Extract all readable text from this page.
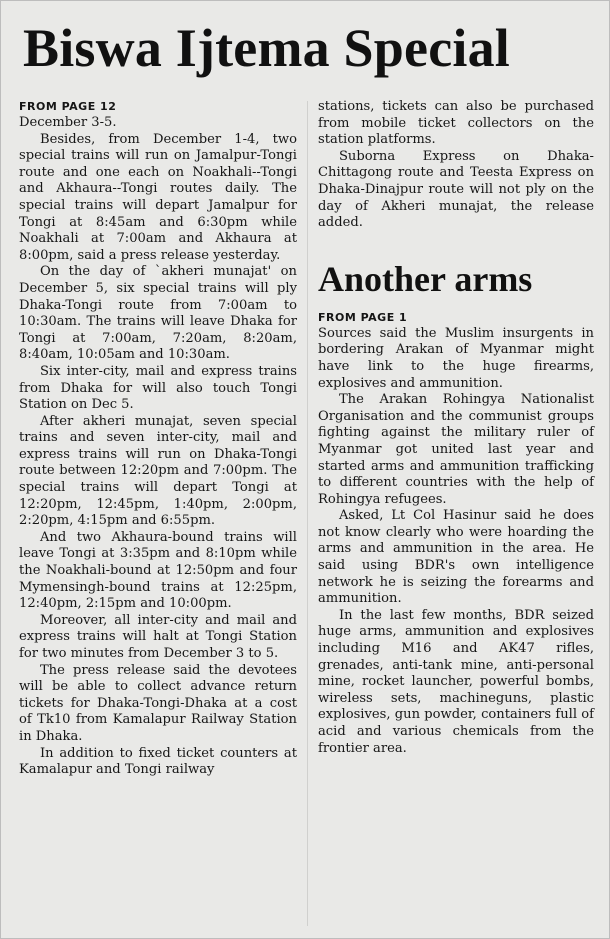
Biswa Ijtema Special
FROM PAGE 12

December 3-5.

Besides, from December 1-4, two special trains will run on Jamalpur-Tongi route and one each on Noakhali--Tongi and Akhaura--Tongi routes daily. The special trains will depart Jamalpur for Tongi at 8:45am and 6:30pm while Noakhali at 7:00am and Akhaura at 8:00pm, said a press release yesterday.

On the day of `akheri munajat' on December 5, six special trains will ply Dhaka-Tongi route from 7:00am to 10:30am. The trains will leave Dhaka for Tongi at 7:00am, 7:20am, 8:20am, 8:40am, 10:05am and 10:30am.

Six inter-city, mail and express trains from Dhaka for will also touch Tongi Station on Dec 5.

After akheri munajat, seven special trains and seven inter-city, mail and express trains will run on Dhaka-Tongi route between 12:20pm and 7:00pm. The special trains will depart Tongi at 12:20pm, 12:45pm, 1:40pm, 2:00pm, 2:20pm, 4:15pm and 6:55pm.

And two Akhaura-bound trains will leave Tongi at 3:35pm and 8:10pm while the Noakhali-bound at 12:50pm and four Mymensingh-bound trains at 12:25pm, 12:40pm, 2:15pm and 10:00pm.

Moreover, all inter-city and mail and express trains will halt at Tongi Station for two minutes from December 3 to 5.

The press release said the devotees will be able to collect advance return tickets for Dhaka-Tongi-Dhaka at a cost of Tk10 from Kamalapur Railway Station in Dhaka.

In addition to fixed ticket counters at Kamalapur and Tongi railway

stations, tickets can also be purchased from mobile ticket collectors on the station platforms.

Suborna Express on Dhaka-Chittagong route and Teesta Express on Dhaka-Dinajpur route will not ply on the day of Akheri munajat, the release added.

Another arms
FROM PAGE 1

Sources said the Muslim insurgents in bordering Arakan of Myanmar might have link to the huge firearms, explosives and ammunition.

The Arakan Rohingya Nationalist Organisation and the communist groups fighting against the military ruler of Myanmar got united last year and started arms and ammunition trafficking to different countries with the help of Rohingya refugees.

Asked, Lt Col Hasinur said he does not know clearly who were hoarding the arms and ammunition in the area. He said using BDR's own intelligence network he is seizing the forearms and ammunition.

In the last few months, BDR seized huge arms, ammunition and explosives including M16 and AK47 rifles, grenades, anti-tank mine, anti-personal mine, rocket launcher, powerful bombs, wireless sets, machineguns, plastic explosives, gun powder, containers full of acid and various chemicals from the frontier area.
